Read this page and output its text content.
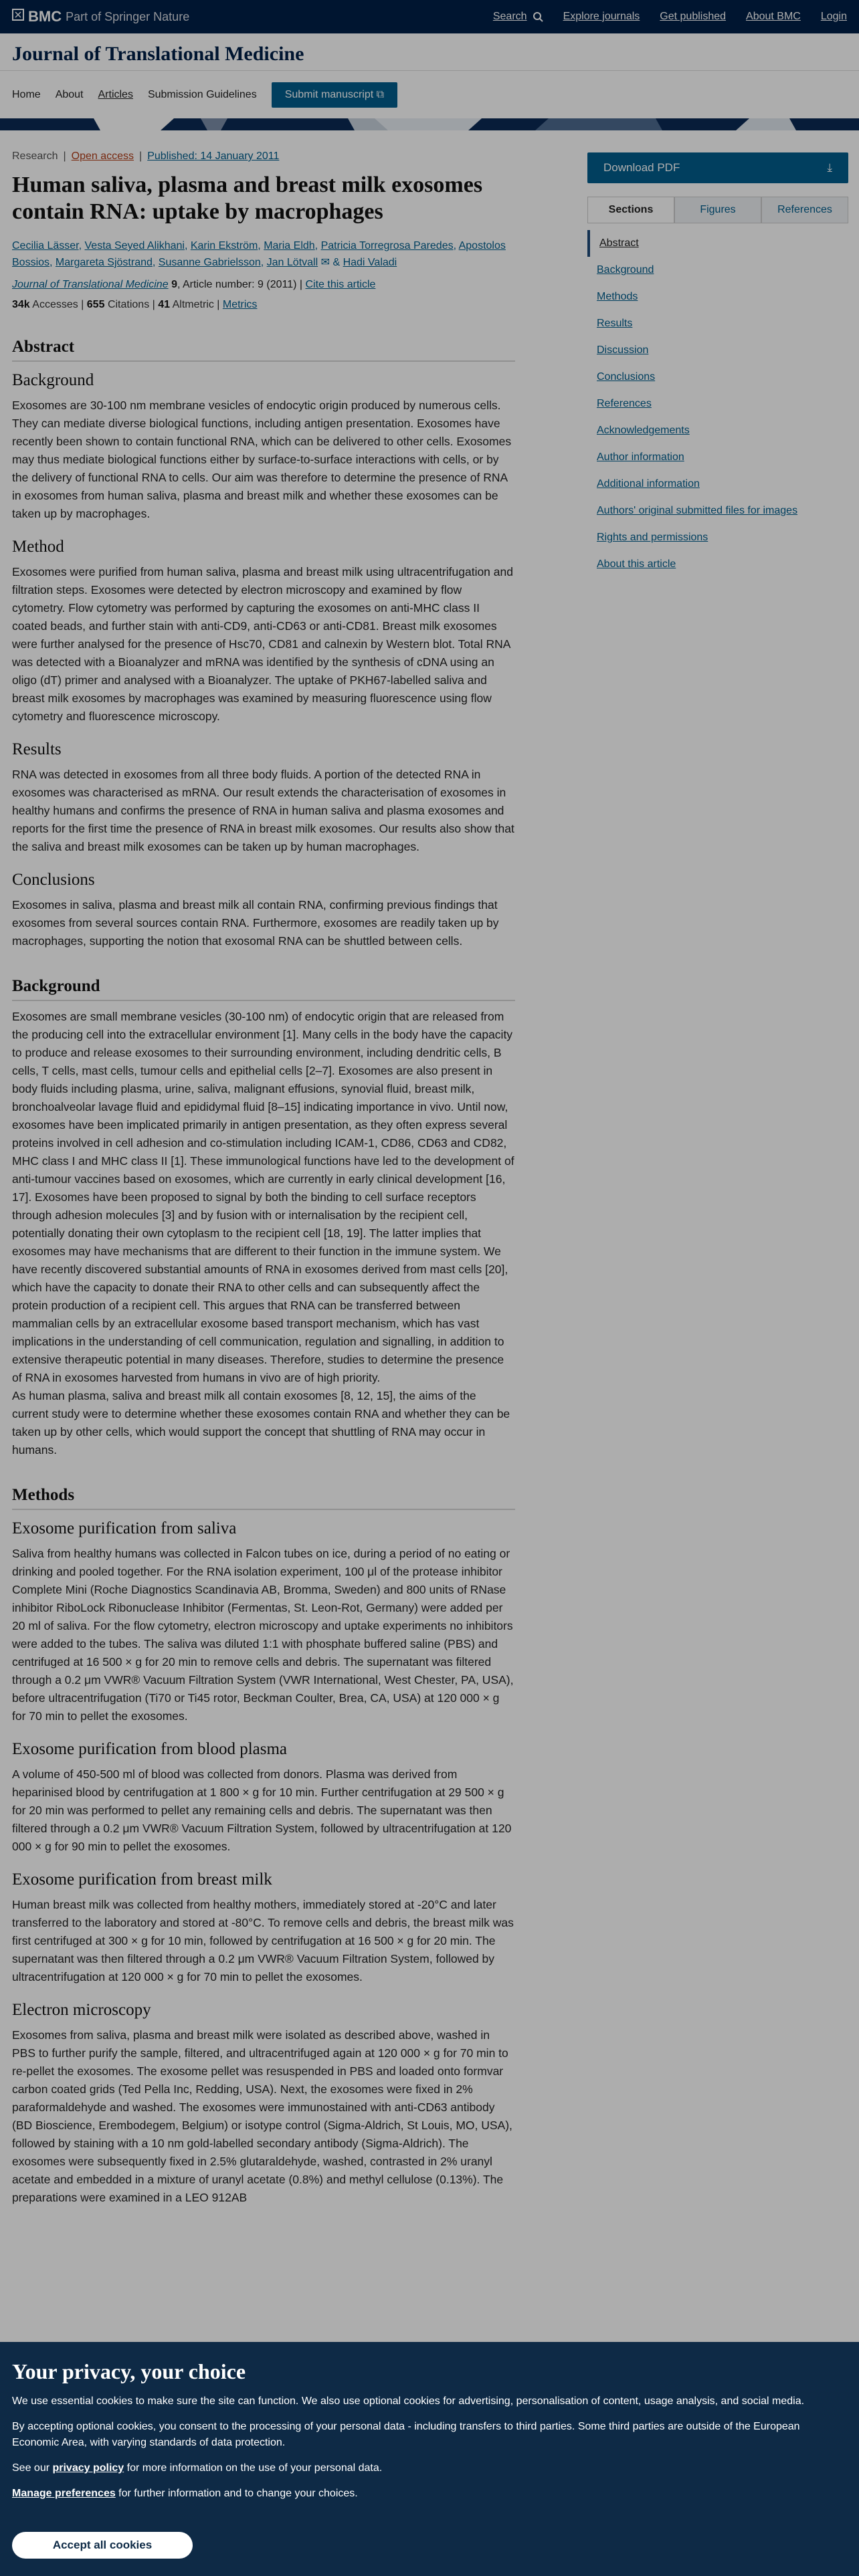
BMC Part of Springer Nature	Search	Explore journals Get published About BMC Login
Journal of Translational Medicine
Home About Articles Submission Guidelines	Submit manuscript ⧉
Research | Open access | Published: 14 January 2011
Human saliva, plasma and breast milk exosomes contain RNA: uptake by macrophages
Cecilia Lässer, Vesta Seyed Alikhani, Karin Ekström, Maria Eldh, Patricia Torregrosa Paredes, Apostolos Bossios, Margareta Sjöstrand, Susanne Gabrielsson, Jan Lötvall ✉ & Hadi Valadi
Journal of Translational Medicine 9, Article number: 9 (2011) | Cite this article
34k Accesses | 655 Citations | 41 Altmetric | Metrics
Abstract
Background

Exosomes are 30-100 nm membrane vesicles of endocytic origin produced by numerous cells. They can mediate diverse biological functions, including antigen presentation. Exosomes have recently been shown to contain functional RNA, which can be delivered to other cells. Exosomes may thus mediate biological functions either by surface-to-surface interactions with cells, or by the delivery of functional RNA to cells. Our aim was therefore to determine the presence of RNA in exosomes from human saliva, plasma and breast milk and whether these exosomes can be taken up by macrophages.

Method

Exosomes were purified from human saliva, plasma and breast milk using ultracentrifugation and filtration steps. Exosomes were detected by electron microscopy and examined by flow cytometry. Flow cytometry was performed by capturing the exosomes on anti-MHC class II coated beads, and further stain with anti-CD9, anti-CD63 or anti-CD81. Breast milk exosomes were further analysed for the presence of Hsc70, CD81 and calnexin by Western blot. Total RNA was detected with a Bioanalyzer and mRNA was identified by the synthesis of cDNA using an oligo (dT) primer and analysed with a Bioanalyzer. The uptake of PKH67-labelled saliva and breast milk exosomes by macrophages was examined by measuring fluorescence using flow cytometry and fluorescence microscopy.

Results

RNA was detected in exosomes from all three body fluids. A portion of the detected RNA in exosomes was characterised as mRNA. Our result extends the characterisation of exosomes in healthy humans and confirms the presence of RNA in human saliva and plasma exosomes and reports for the first time the presence of RNA in breast milk exosomes. Our results also show that the saliva and breast milk exosomes can be taken up by human macrophages.

Conclusions

Exosomes in saliva, plasma and breast milk all contain RNA, confirming previous findings that exosomes from several sources contain RNA. Furthermore, exosomes are readily taken up by macrophages, supporting the notion that exosomal RNA can be shuttled between cells.

Background

Exosomes are small membrane vesicles (30-100 nm) of endocytic origin that are released from the producing cell into the extracellular environment [1]. Many cells in the body have the capacity to produce and release exosomes to their surrounding environment, including dendritic cells, B cells, T cells, mast cells, tumour cells and epithelial cells [2–7]. Exosomes are also present in body fluids including plasma, urine, saliva, malignant effusions, synovial fluid, breast milk, bronchoalveolar lavage fluid and epididymal fluid [8–15] indicating importance in vivo. Until now, exosomes have been implicated primarily in antigen presentation, as they often express several proteins involved in cell adhesion and co-stimulation including ICAM-1, CD86, CD63 and CD82, MHC class I and MHC class II [1]. These immunological functions have led to the development of anti-tumour vaccines based on exosomes, which are currently in early clinical development [16, 17]. Exosomes have been proposed to signal by both the binding to cell surface receptors through adhesion molecules [3] and by fusion with or internalisation by the recipient cell, potentially donating their own cytoplasm to the recipient cell [18, 19]. The latter implies that exosomes may have mechanisms that are different to their function in the immune system. We have recently discovered substantial amounts of RNA in exosomes derived from mast cells [20], which have the capacity to donate their RNA to other cells and can subsequently affect the protein production of a recipient cell. This argues that RNA can be transferred between mammalian cells by an extracellular exosome based transport mechanism, which has vast implications in the understanding of cell communication, regulation and signalling, in addition to extensive therapeutic potential in many diseases. Therefore, studies to determine the presence of RNA in exosomes harvested from humans in vivo are of high priority.

As human plasma, saliva and breast milk all contain exosomes [8, 12, 15], the aims of the current study were to determine whether these exosomes contain RNA and whether they can be taken up by other cells, which would support the concept that shuttling of RNA may occur in humans.

Methods
Exosome purification from saliva

Saliva from healthy humans was collected in Falcon tubes on ice, during a period of no eating or drinking and pooled together. For the RNA isolation experiment, 100 μl of the protease inhibitor Complete Mini (Roche Diagnostics Scandinavia AB, Bromma, Sweden) and 800 units of RNase inhibitor RiboLock Ribonuclease Inhibitor (Fermentas, St. Leon-Rot, Germany) were added per 20 ml of saliva. For the flow cytometry, electron microscopy and uptake experiments no inhibitors were added to the tubes. The saliva was diluted 1:1 with phosphate buffered saline (PBS) and centrifuged at 16 500 × g for 20 min to remove cells and debris. The supernatant was filtered through a 0.2 μm VWR® Vacuum Filtration System (VWR International, West Chester, PA, USA), before ultracentrifugation (Ti70 or Ti45 rotor, Beckman Coulter, Brea, CA, USA) at 120 000 × g for 70 min to pellet the exosomes.

Exosome purification from blood plasma

A volume of 450-500 ml of blood was collected from donors. Plasma was derived from heparinised blood by centrifugation at 1 800 × g for 10 min. Further centrifugation at 29 500 × g for 20 min was performed to pellet any remaining cells and debris. The supernatant was then filtered through a 0.2 μm VWR® Vacuum Filtration System, followed by ultracentrifugation at 120 000 × g for 90 min to pellet the exosomes.

Exosome purification from breast milk

Human breast milk was collected from healthy mothers, immediately stored at -20°C and later transferred to the laboratory and stored at -80°C. To remove cells and debris, the breast milk was first centrifuged at 300 × g for 10 min, followed by centrifugation at 16 500 × g for 20 min. The supernatant was then filtered through a 0.2 μm VWR® Vacuum Filtration System, followed by ultracentrifugation at 120 000 × g for 70 min to pellet the exosomes.

Electron microscopy

Exosomes from saliva, plasma and breast milk were isolated as described above, washed in PBS to further purify the sample, filtered, and ultracentrifuged again at 120 000 × g for 70 min to re-pellet the exosomes. The exosome pellet was resuspended in PBS and loaded onto formvar carbon coated grids (Ted Pella Inc, Redding, USA). Next, the exosomes were fixed in 2% paraformaldehyde and washed. The exosomes were immunostained with anti-CD63 antibody (BD Bioscience, Erembodegem, Belgium) or isotype control (Sigma-Aldrich, St Louis, MO, USA), followed by staining with a 10 nm gold-labelled secondary antibody (Sigma-Aldrich). The exosomes were subsequently fixed in 2.5% glutaraldehyde, washed, contrasted in 2% uranyl acetate and embedded in a mixture of uranyl acetate (0.8%) and methyl cellulose (0.13%). The preparations were examined in a LEO 912AB

Download PDF	⤓
Sections	Figures	References
Abstract
Background
Methods
Results
Discussion
Conclusions
References
Acknowledgements
Author information
Additional information
Authors' original submitted files for images
Rights and permissions
About this article
Your privacy, your choice

We use essential cookies to make sure the site can function. We also use optional cookies for advertising, personalisation of content, usage analysis, and social media.

By accepting optional cookies, you consent to the processing of your personal data - including transfers to third parties. Some third parties are outside of the European Economic Area, with varying standards of data protection.

See our privacy policy for more information on the use of your personal data.

Manage preferences for further information and to change your choices.

Accept all cookies
